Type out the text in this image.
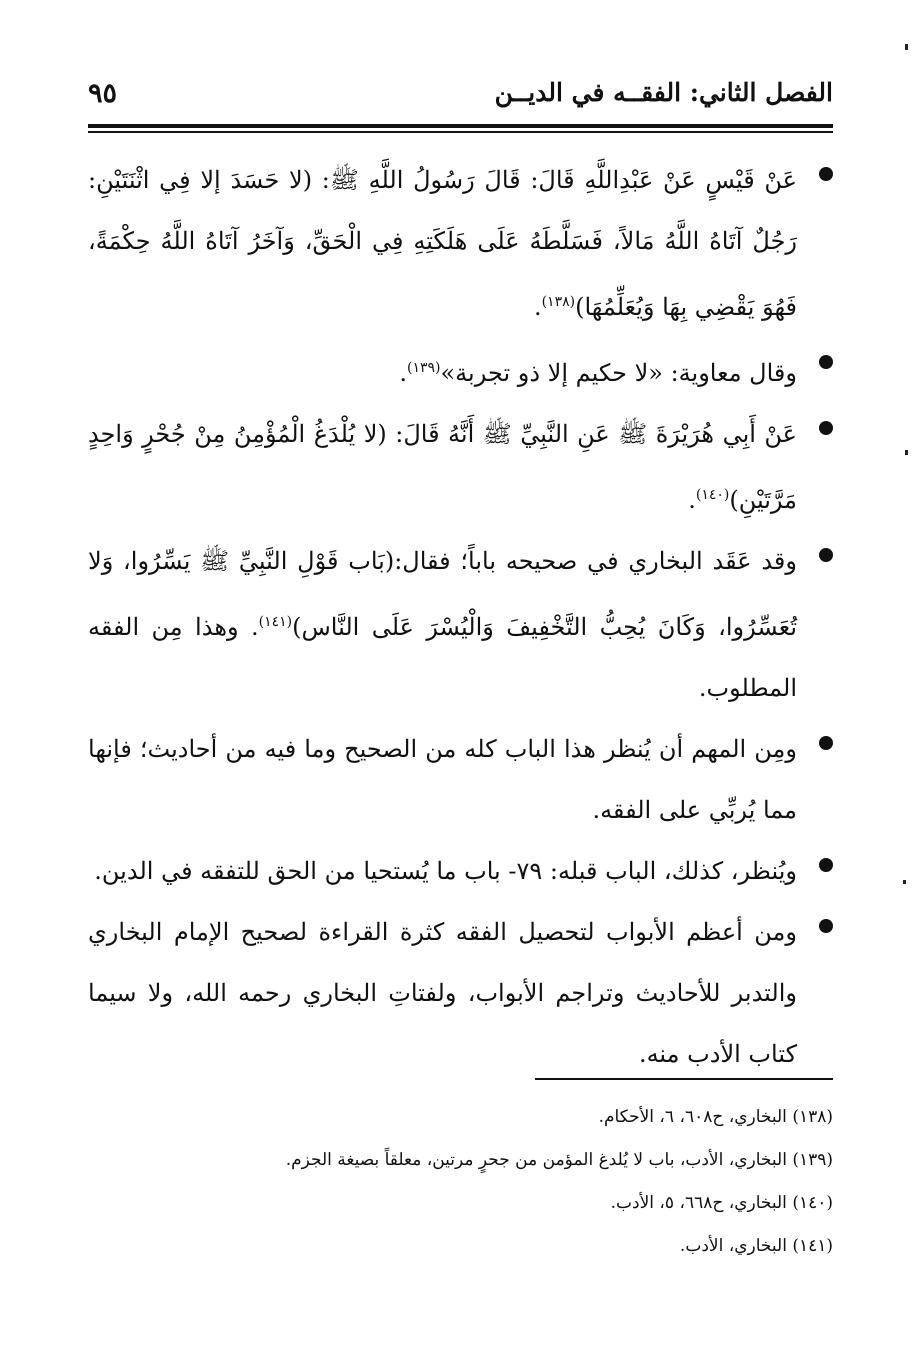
الفصل الثاني: الفقــه في الديــن
٩٥
عَنْ قَيْسٍ عَنْ عَبْدِاللَّهِ قَالَ: قَالَ رَسُولُ اللَّهِ ﷺ: (لا حَسَدَ إلا فِي اثْنَتَيْنِ: رَجُلٌ آتَاهُ اللَّهُ مَالاً، فَسَلَّطَهُ عَلَى هَلَكَتِهِ فِي الْحَقِّ، وَآخَرُ آتَاهُ اللَّهُ حِكْمَةً، فَهُوَ يَقْضِي بِهَا وَيُعَلِّمُهَا)$^{(١٣٨)}$.
وقال معاوية: «لا حكيم إلا ذو تجربة»$^{(١٣٩)}$.
عَنْ أَبِي هُرَيْرَةَ ﷺ عَنِ النَّبِيِّ ﷺ أَنَّهُ قَالَ: (لا يُلْدَغُ الْمُؤْمِنُ مِنْ جُحْرٍ وَاحِدٍ مَرَّتَيْنِ)$^{(١٤٠)}$.
وقد عَقَد البخاري في صحيحه باباً؛ فقال:(بَاب قَوْلِ النَّبِيِّ ﷺ يَسِّرُوا، وَلا تُعَسِّرُوا، وَكَانَ يُحِبُّ التَّخْفِيفَ وَالْيُسْرَ عَلَى النَّاس)$^{(١٤١)}$. وهذا مِن الفقه المطلوب.
ومِن المهم أن يُنظر هذا الباب كله من الصحيح وما فيه من أحاديث؛ فإنها مما يُربِّي على الفقه.
ويُنظر، كذلك، الباب قبله: ٧٩- باب ما يُستحيا من الحق للتفقه في الدين.
ومن أعظم الأبواب لتحصيل الفقه كثرة القراءة لصحيح الإمام البخاري والتدبر للأحاديث وتراجم الأبواب، ولفتاتِ البخاري رحمه الله، ولا سيما كتاب الأدب منه.
(١٣٨) البخاري، ح٦٠٨، ٦، الأحكام.
(١٣٩) البخاري، الأدب، باب لا يُلدغ المؤمن من جحرٍ مرتين، معلقاً بصيغة الجزم.
(١٤٠) البخاري، ح٦٦٨، ٥، الأدب.
(١٤١) البخاري، الأدب.
